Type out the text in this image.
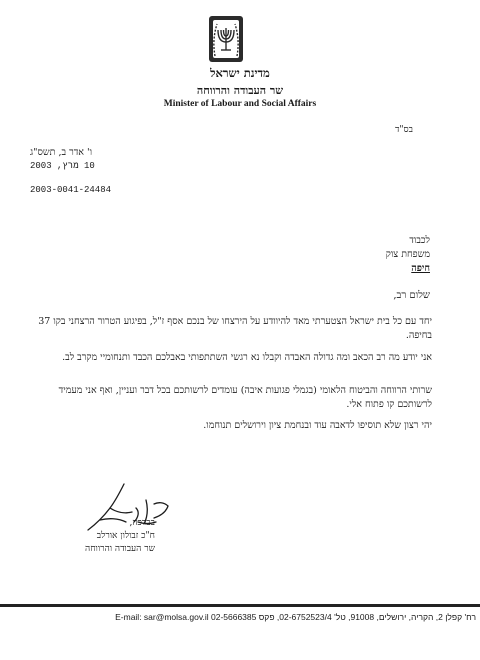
מדינת ישראל
שר העבודה והרווחה
Minister of Labour and Social Affairs
בס"ד
ו' אדר ב, תשס"ג
10 מרץ, 2003
2003-0041-24484
לכבוד
משפחת צוק
חיפה
שלום רב,
יחד עם כל בית ישראל הצטערתי מאד להיוודע על הירצחו של בנכם אסף ז"ל, בפיגוע הטרור הרצחני בקו 37 בחיפה.
אני יודע מה רב הכאב ומה גדולה האבדה וקבלו נא רגשי השתתפותי באבלכם הכבד ותנחומיי מקרב לב.
שרותי הרווחה והביטוח הלאומי (בגמלי פגועות איבה) עומדים לרשותכם בכל דבר ועניין, ואף אני מעמיד לרשותכם קו פתוח אלי.
יהי רצון שלא תוסיפו לדאבה עוד ובנחמת ציון וירושלים תנוחמו.
בברכה,
ח"כ זבולון אורלב
שר העבודה והרווחה
רח' קפלן 2, הקריה, ירושלים, 91008, טל' 02-6752523/4, פקס 02-5666385 E-mail: sar@molsa.gov.il
